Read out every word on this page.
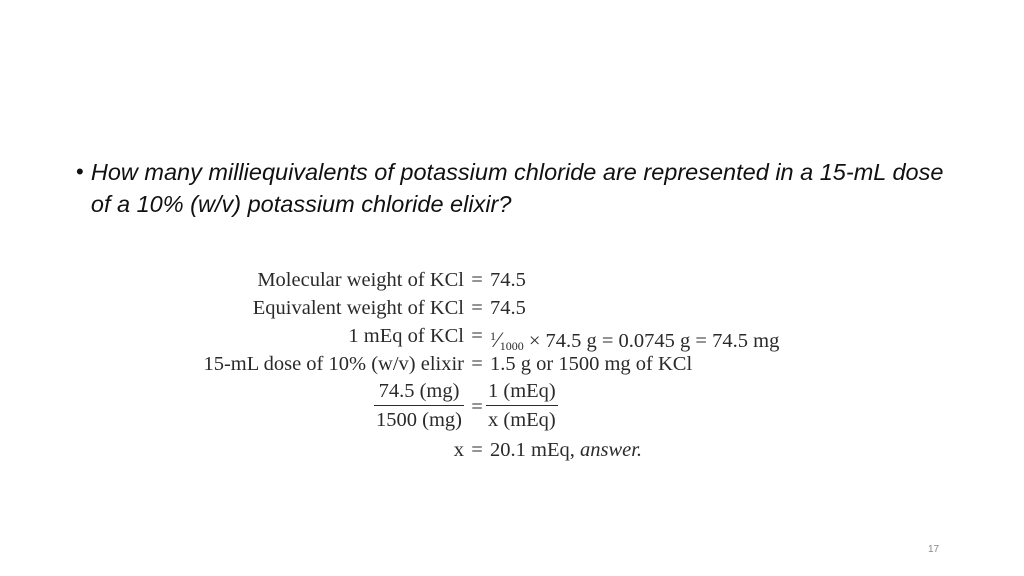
• How many milliequivalents of potassium chloride are represented in a 15-mL dose of a 10% (w/v) potassium chloride elixir?
Molecular weight of KCl = 74.5
Equivalent weight of KCl = 74.5
1 mEq of KCl = $^1$⁄1000 × 74.5 g = 0.0745 g = 74.5 mg
15-mL dose of 10% (w/v) elixir = 1.5 g or 1500 mg of KCl
74.5 (mg)
1500 (mg)
=
1 (mEq)
x (mEq)
x = 20.1 mEq, answer.
17
